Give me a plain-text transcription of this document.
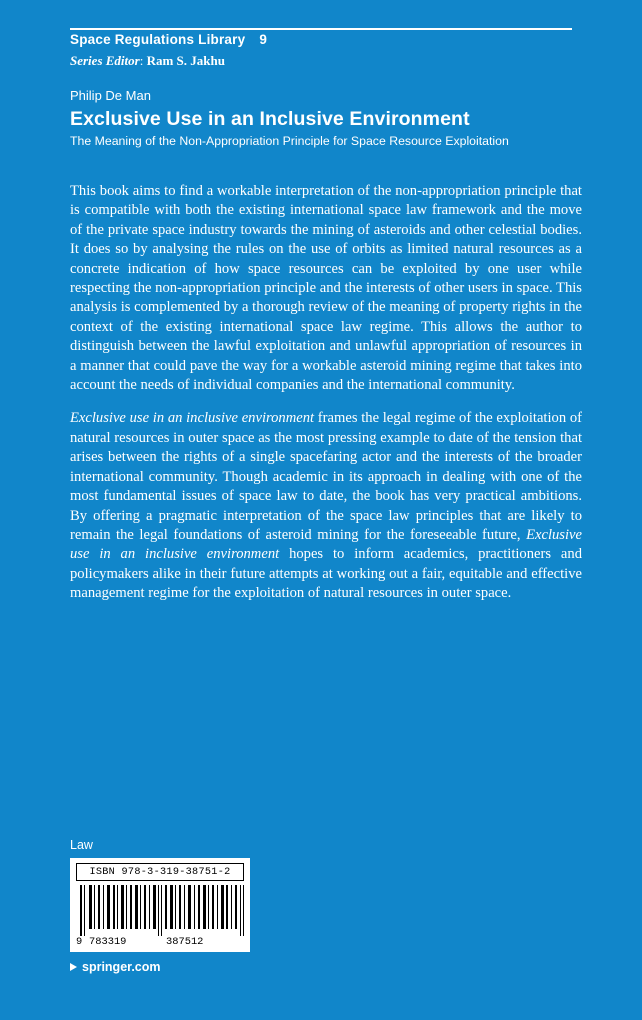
Space Regulations Library 9
Series Editor: Ram S. Jakhu
Philip De Man
Exclusive Use in an Inclusive Environment
The Meaning of the Non-Appropriation Principle for Space Resource Exploitation

This book aims to find a workable interpretation of the non-appropriation principle that is compatible with both the existing international space law framework and the move of the private space industry towards the mining of asteroids and other celestial bodies. It does so by analysing the rules on the use of orbits as limited natural resources as a concrete indication of how space resources can be exploited by one user while respecting the non-appropriation principle and the interests of other users in space. This analysis is complemented by a thorough review of the meaning of property rights in the context of the existing international space law regime. This allows the author to distinguish between the lawful exploitation and unlawful appropriation of resources in a manner that could pave the way for a workable asteroid mining regime that takes into account the needs of individual companies and the international community.

Exclusive use in an inclusive environment frames the legal regime of the exploitation of natural resources in outer space as the most pressing example to date of the tension that arises between the rights of a single spacefaring actor and the interests of the broader international community. Though academic in its approach in dealing with one of the most fundamental issues of space law to date, the book has very practical ambitions. By offering a pragmatic interpretation of the space law principles that are likely to remain the legal foundations of asteroid mining for the foreseeable future, Exclusive use in an inclusive environment hopes to inform academics, practitioners and policymakers alike in their future attempts at working out a fair, equitable and effective management regime for the exploitation of natural resources in outer space.

Law
ISBN 978-3-319-38751-2
9 783319	387512
springer.com
